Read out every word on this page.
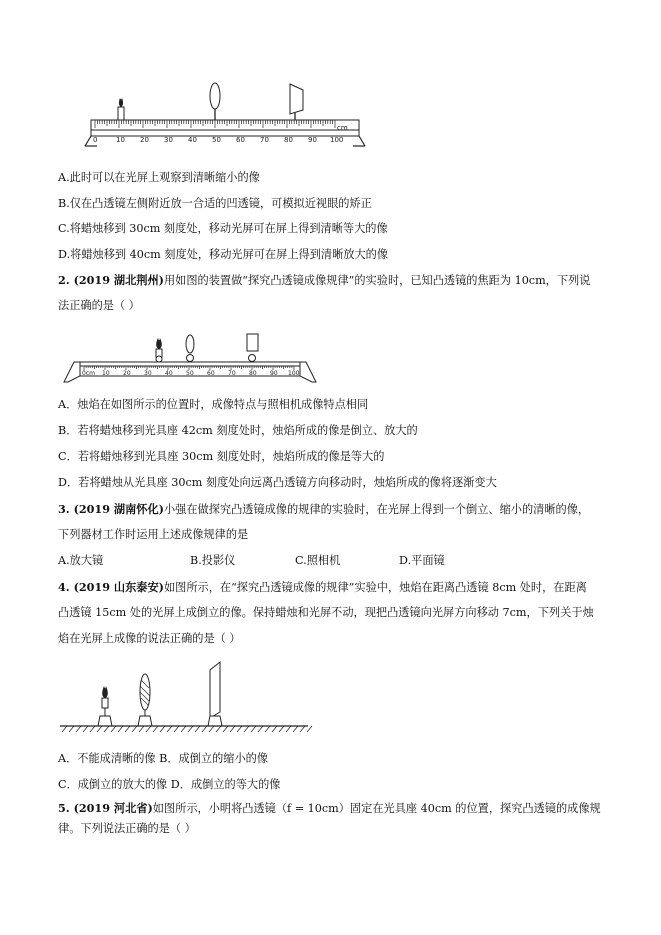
0	10 20 30 40 50 60 70 80 90 100
cm
A.此时可以在光屏上观察到清晰缩小的像
B.仅在凸透镜左侧附近放一合适的凹透镜，可模拟近视眼的矫正
C.将蜡烛移到 30cm 刻度处，移动光屏可在屏上得到清晰等大的像
D.将蜡烛移到 40cm 刻度处，移动光屏可在屏上得到清晰放大的像
2. (2019 湖北荆州)用如图的装置做“探究凸透镜成像规律”的实验时，已知凸透镜的焦距为 10cm，下列说
法正确的是（ ）
0cm 10 20 30 40 50 60 70 80 90 100
A．烛焰在如图所示的位置时，成像特点与照相机成像特点相同
B．若将蜡烛移到光具座 42cm 刻度处时，烛焰所成的像是倒立、放大的
C．若将蜡烛移到光具座 30cm 刻度处时，烛焰所成的像是等大的
D．若将蜡烛从光具座 30cm 刻度处向远离凸透镜方向移动时，烛焰所成的像将逐渐变大
3. (2019 湖南怀化)小强在做探究凸透镜成像的规律的实验时，在光屏上得到一个倒立、缩小的清晰的像，
下列器材工作时运用上述成像规律的是
A.放大镜	B.投影仪	C.照相机	D.平面镜
4. (2019 山东泰安)如图所示，在“探究凸透镜成像的规律”实验中，烛焰在距离凸透镜 8cm 处时，在距离
凸透镜 15cm 处的光屏上成倒立的像。保持蜡烛和光屏不动，现把凸透镜向光屏方向移动 7cm，下列关于烛
焰在光屏上成像的说法正确的是（ ）
A．不能成清晰的像 B．成倒立的缩小的像
C．成倒立的放大的像 D．成倒立的等大的像
5. (2019 河北省)如图所示，小明将凸透镜（f = 10cm）固定在光具座 40cm 的位置，探究凸透镜的成像规
律。下列说法正确的是（ ）
